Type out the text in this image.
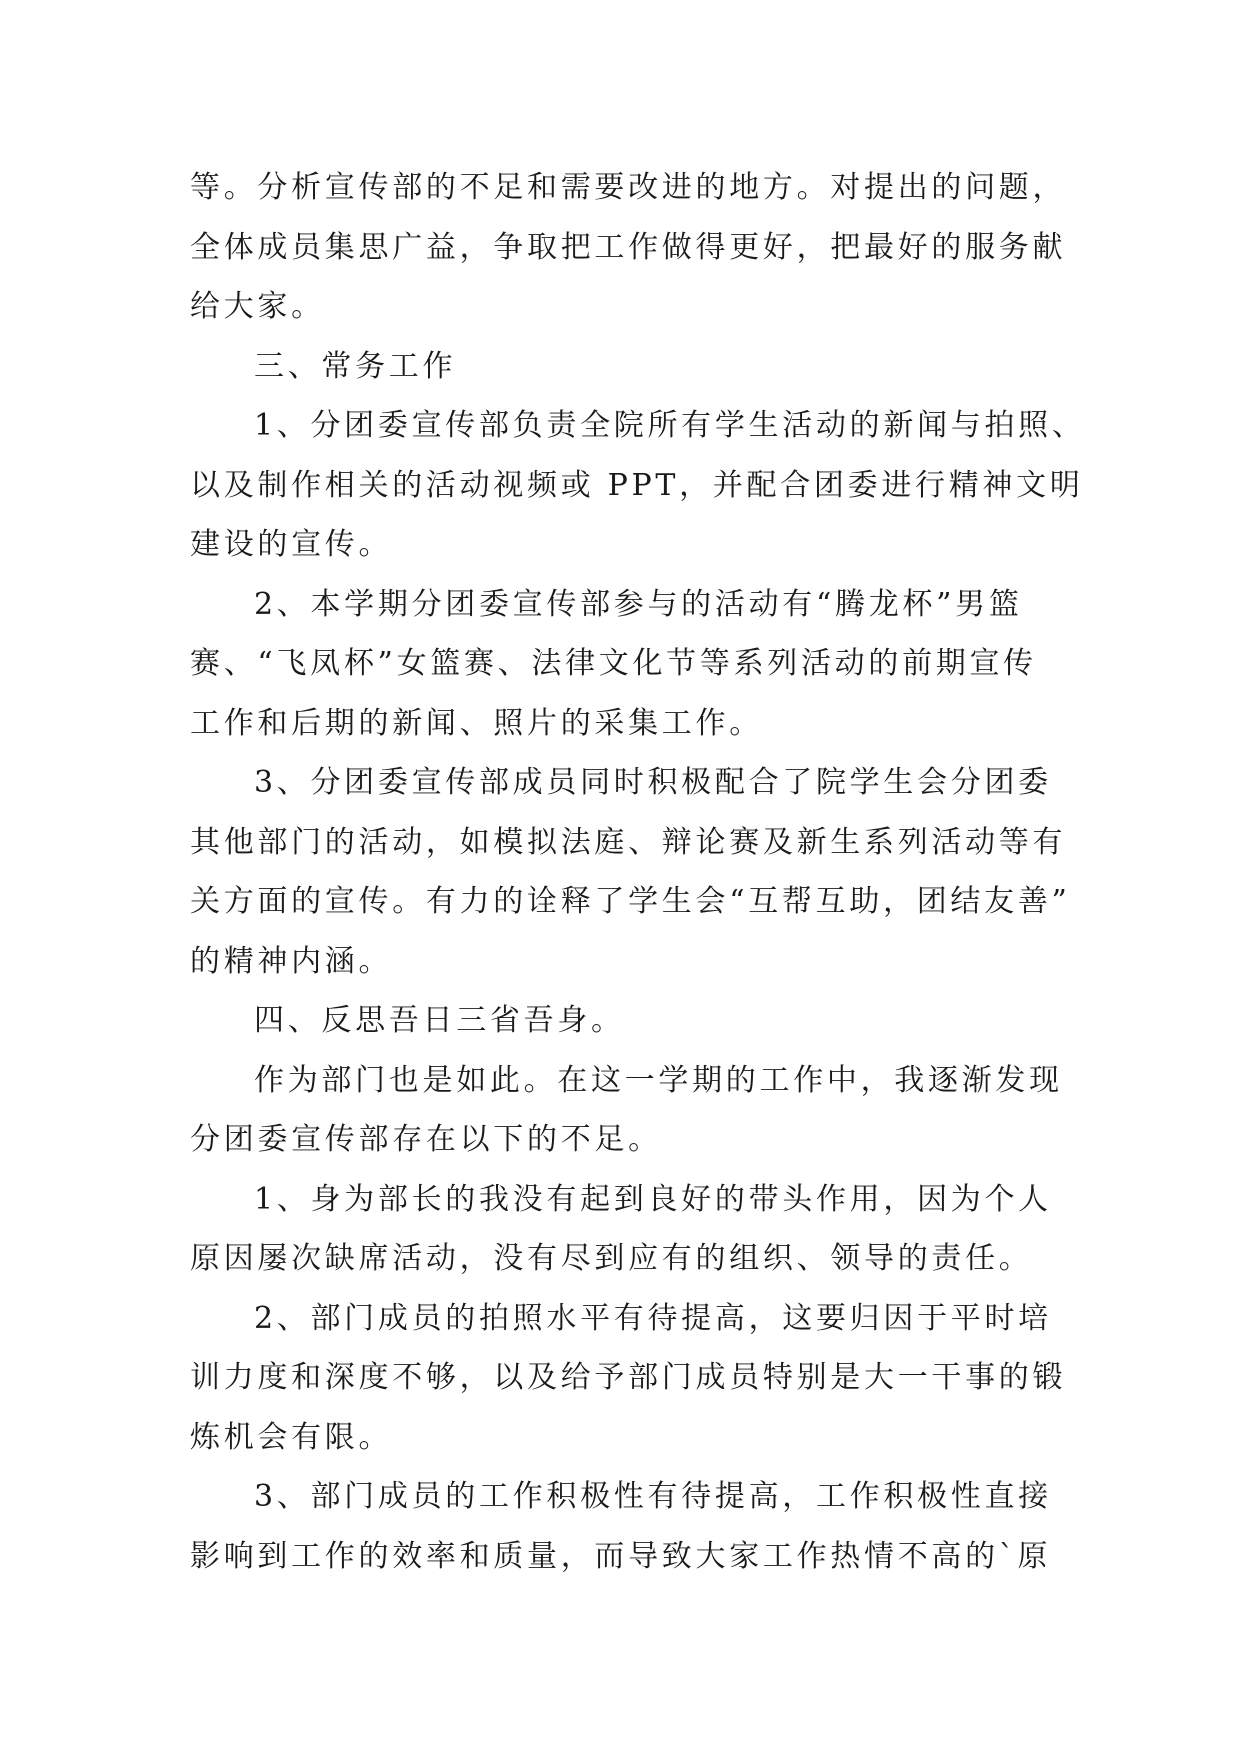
等。分析宣传部的不足和需要改进的地方。对提出的问题，
全体成员集思广益，争取把工作做得更好，把最好的服务献
给大家。
三、常务工作
1、分团委宣传部负责全院所有学生活动的新闻与拍照、
以及制作相关的活动视频或 PPT，并配合团委进行精神文明
建设的宣传。
2、本学期分团委宣传部参与的活动有“腾龙杯”男篮
赛、“飞凤杯”女篮赛、法律文化节等系列活动的前期宣传
工作和后期的新闻、照片的采集工作。
3、分团委宣传部成员同时积极配合了院学生会分团委
其他部门的活动，如模拟法庭、辩论赛及新生系列活动等有
关方面的宣传。有力的诠释了学生会“互帮互助，团结友善”
的精神内涵。
四、反思吾日三省吾身。
作为部门也是如此。在这一学期的工作中，我逐渐发现
分团委宣传部存在以下的不足。
1、身为部长的我没有起到良好的带头作用，因为个人
原因屡次缺席活动，没有尽到应有的组织、领导的责任。
2、部门成员的拍照水平有待提高，这要归因于平时培
训力度和深度不够，以及给予部门成员特别是大一干事的锻
炼机会有限。
3、部门成员的工作积极性有待提高，工作积极性直接
影响到工作的效率和质量，而导致大家工作热情不高的`原
